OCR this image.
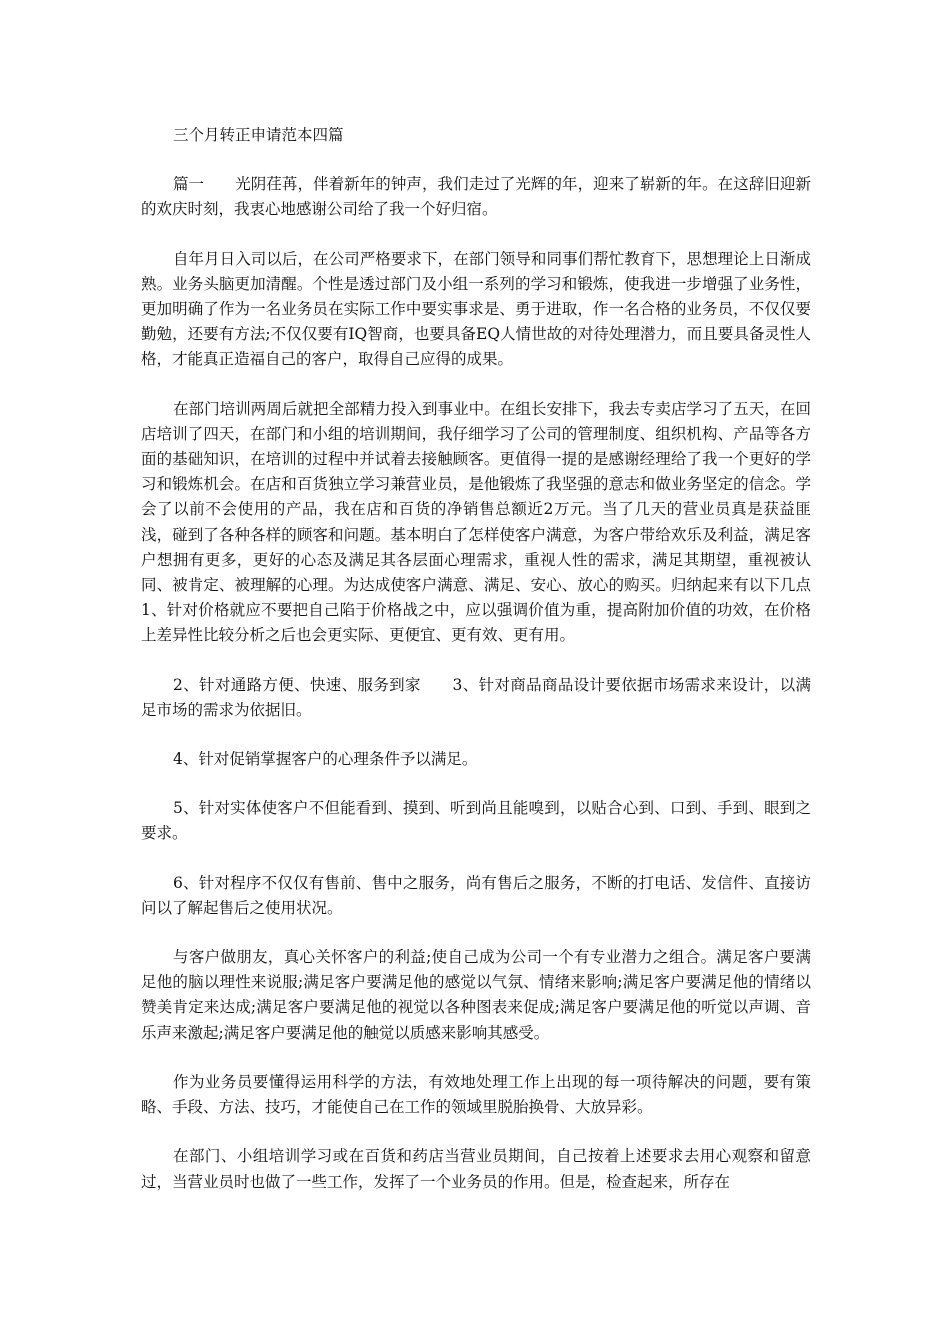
三个月转正申请范本四篇

篇一　　光阴荏苒，伴着新年的钟声，我们走过了光辉的年，迎来了崭新的年。在这辞旧迎新的欢庆时刻，我衷心地感谢公司给了我一个好归宿。

自年月日入司以后，在公司严格要求下，在部门领导和同事们帮忙教育下，思想理论上日渐成熟。业务头脑更加清醒。个性是透过部门及小组一系列的学习和锻炼，使我进一步增强了业务性，更加明确了作为一名业务员在实际工作中要实事求是、勇于进取，作一名合格的业务员，不仅仅要勤勉，还要有方法;不仅仅要有IQ智商，也要具备EQ人情世故的对待处理潜力，而且要具备灵性人格，才能真正造福自己的客户，取得自己应得的成果。

在部门培训两周后就把全部精力投入到事业中。在组长安排下，我去专卖店学习了五天，在回店培训了四天，在部门和小组的培训期间，我仔细学习了公司的管理制度、组织机构、产品等各方面的基础知识，在培训的过程中并试着去接触顾客。更值得一提的是感谢经理给了我一个更好的学习和锻炼机会。在店和百货独立学习兼营业员，是他锻炼了我坚强的意志和做业务坚定的信念。学会了以前不会使用的产品，我在店和百货的净销售总额近2万元。当了几天的营业员真是获益匪浅，碰到了各种各样的顾客和问题。基本明白了怎样使客户满意，为客户带给欢乐及利益，满足客户想拥有更多，更好的心态及满足其各层面心理需求，重视人性的需求，满足其期望，重视被认同、被肯定、被理解的心理。为达成使客户满意、满足、安心、放心的购买。归纳起来有以下几点　　1、针对价格就应不要把自己陷于价格战之中，应以强调价值为重，提高附加价值的功效，在价格上差异性比较分析之后也会更实际、更便宜、更有效、更有用。

2、针对通路方便、快速、服务到家　　3、针对商品商品设计要依据市场需求来设计，以满足市场的需求为依据旧。

4、针对促销掌握客户的心理条件予以满足。

5、针对实体使客户不但能看到、摸到、听到尚且能嗅到，以贴合心到、口到、手到、眼到之要求。

6、针对程序不仅仅有售前、售中之服务，尚有售后之服务，不断的打电话、发信件、直接访问以了解起售后之使用状况。

与客户做朋友，真心关怀客户的利益;使自己成为公司一个有专业潜力之组合。满足客户要满足他的脑以理性来说服;满足客户要满足他的感觉以气氛、情绪来影响;满足客户要满足他的情绪以赞美肯定来达成;满足客户要满足他的视觉以各种图表来促成;满足客户要满足他的听觉以声调、音乐声来激起;满足客户要满足他的触觉以质感来影响其感受。

作为业务员要懂得运用科学的方法，有效地处理工作上出现的每一项待解决的问题，要有策略、手段、方法、技巧，才能使自己在工作的领域里脱胎换骨、大放异彩。

在部门、小组培训学习或在百货和药店当营业员期间，自己按着上述要求去用心观察和留意过，当营业员时也做了一些工作，发挥了一个业务员的作用。但是，检查起来，所存在
